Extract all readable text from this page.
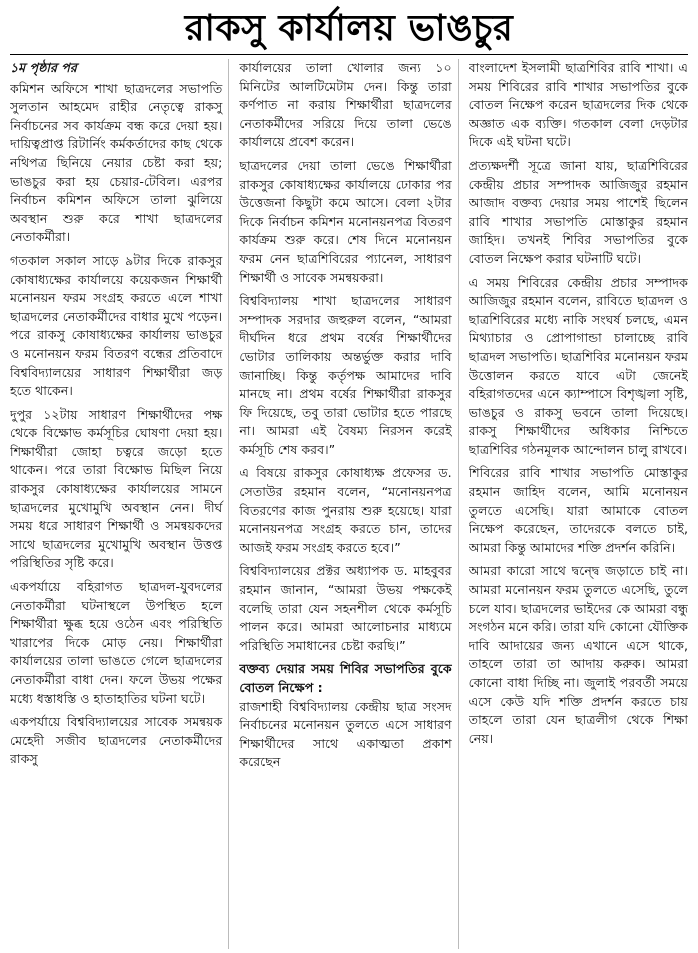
রাকসু কার্যালয় ভাঙচুর

১ম পৃষ্ঠার পর
কমিশন অফিসে শাখা ছাত্রদলের সভাপতি সুলতান আহমেদ রাহীর নেতৃত্বে রাকসু নির্বাচনের সব কার্যক্রম বন্ধ করে দেয়া হয়। দায়িত্বপ্রাপ্ত রিটার্নিং কর্মকর্তাদের কাছ থেকে নথিপত্র ছিনিয়ে নেয়ার চেষ্টা করা হয়; ভাঙচুর করা হয় চেয়ার-টেবিল। এরপর নির্বাচন কমিশন অফিসে তালা ঝুলিয়ে অবস্থান শুরু করে শাখা ছাত্রদলের নেতাকর্মীরা।

গতকাল সকাল সাড়ে ৯টার দিকে রাকসুর কোষাধ্যক্ষের কার্যালয়ে কয়েকজন শিক্ষার্থী মনোনয়ন ফরম সংগ্রহ করতে এলে শাখা ছাত্রদলের নেতাকর্মীদের বাধার মুখে পড়েন। পরে রাকসু কোষাধ্যক্ষের কার্যালয় ভাঙচুর ও মনোনয়ন ফরম বিতরণ বন্ধের প্রতিবাদে বিশ্ববিদ্যালয়ের সাধারণ শিক্ষার্থীরা জড় হতে থাকেন।

দুপুর ১২টায় সাধারণ শিক্ষার্থীদের পক্ষ থেকে বিক্ষোভ কর্মসূচির ঘোষণা দেয়া হয়। শিক্ষার্থীরা জোহা চত্বরে জড়ো হতে থাকেন। পরে তারা বিক্ষোভ মিছিল নিয়ে রাকসুর কোষাধ্যক্ষের কার্যালয়ের সামনে ছাত্রদলের মুখোমুখি অবস্থান নেন। দীর্ঘ সময় ধরে সাধারণ শিক্ষার্থী ও সমন্বয়কদের সাথে ছাত্রদলের মুখোমুখি অবস্থান উত্তপ্ত পরিস্থিতির সৃষ্টি করে।

একপর্যায়ে বহিরাগত ছাত্রদল-যুবদলের নেতাকর্মীরা ঘটনাস্থলে উপস্থিত হলে শিক্ষার্থীরা ক্ষুব্ধ হয়ে ওঠেন এবং পরিস্থিতি খারাপের দিকে মোড় নেয়। শিক্ষার্থীরা কার্যালয়ের তালা ভাঙতে গেলে ছাত্রদলের নেতাকর্মীরা বাধা দেন। ফলে উভয় পক্ষের মধ্যে ধস্তাধস্তি ও হাতাহাতির ঘটনা ঘটে।

একপর্যায়ে বিশ্ববিদ্যালয়ের সাবেক সমন্বয়ক মেহেদী সজীব ছাত্রদলের নেতাকর্মীদের রাকসু

কার্যালয়ের তালা খোলার জন্য ১০ মিনিটের আলটিমেটাম দেন। কিন্তু তারা কর্ণপাত না করায় শিক্ষার্থীরা ছাত্রদলের নেতাকর্মীদের সরিয়ে দিয়ে তালা ভেঙে কার্যালয়ে প্রবেশ করেন।

ছাত্রদলের দেয়া তালা ভেঙে শিক্ষার্থীরা রাকসুর কোষাধ্যক্ষের কার্যালয়ে ঢোকার পর উত্তেজনা কিছুটা কমে আসে। বেলা ২টার দিকে নির্বাচন কমিশন মনোনয়নপত্র বিতরণ কার্যক্রম শুরু করে। শেষ দিনে মনোনয়ন ফরম নেন ছাত্রশিবিরের প্যানেল, সাধারণ শিক্ষার্থী ও সাবেক সমন্বয়করা।

বিশ্ববিদ্যালয় শাখা ছাত্রদলের সাধারণ সম্পাদক সরদার জহুরুল বলেন, “আমরা দীর্ঘদিন ধরে প্রথম বর্ষের শিক্ষার্থীদের ভোটার তালিকায় অন্তর্ভুক্ত করার দাবি জানাচ্ছি। কিন্তু কর্তৃপক্ষ আমাদের দাবি মানছে না। প্রথম বর্ষের শিক্ষার্থীরা রাকসুর ফি দিয়েছে, তবু তারা ভোটার হতে পারছে না। আমরা এই বৈষম্য নিরসন করেই কর্মসূচি শেষ করব।”

এ বিষয়ে রাকসুর কোষাধ্যক্ষ প্রফেসর ড. সেতাউর রহমান বলেন, “মনোনয়নপত্র বিতরণের কাজ পুনরায় শুরু হয়েছে। যারা মনোনয়নপত্র সংগ্রহ করতে চান, তাদের আজই ফরম সংগ্রহ করতে হবে।”

বিশ্ববিদ্যালয়ের প্রক্টর অধ্যাপক ড. মাহবুবর রহমান জানান, “আমরা উভয় পক্ষকেই বলেছি তারা যেন সহনশীল থেকে কর্মসূচি পালন করে। আমরা আলোচনার মাধ্যমে পরিস্থিতি সমাধানের চেষ্টা করছি।”

বক্তব্য দেয়ার সময় শিবির সভাপতির বুকে বোতল নিক্ষেপ :

রাজশাহী বিশ্ববিদ্যালয় কেন্দ্রীয় ছাত্র সংসদ নির্বাচনের মনোনয়ন তুলতে এসে সাধারণ শিক্ষার্থীদের সাথে একাত্মতা প্রকাশ করেছেন

বাংলাদেশ ইসলামী ছাত্রশিবির রাবি শাখা। এ সময় শিবিরের রাবি শাখার সভাপতির বুকে বোতল নিক্ষেপ করেন ছাত্রদলের দিক থেকে অজ্ঞাত এক ব্যক্তি। গতকাল বেলা দেড়টার দিকে এই ঘটনা ঘটে।

প্রত্যক্ষদর্শী সূত্রে জানা যায়, ছাত্রশিবিরের কেন্দ্রীয় প্রচার সম্পাদক আজিজুর রহমান আজাদ বক্তব্য দেয়ার সময় পাশেই ছিলেন রাবি শাখার সভাপতি মোস্তাকুর রহমান জাহিদ। তখনই শিবির সভাপতির বুকে বোতল নিক্ষেপ করার ঘটনাটি ঘটে।

এ সময় শিবিরের কেন্দ্রীয় প্রচার সম্পাদক আজিজুর রহমান বলেন, রাবিতে ছাত্রদল ও ছাত্রশিবিরের মধ্যে নাকি সংঘর্ষ চলছে, এমন মিথ্যাচার ও প্রোপাগান্ডা চালাচ্ছে রাবি ছাত্রদল সভাপতি। ছাত্রশিবির মনোনয়ন ফরম উত্তোলন করতে যাবে এটা জেনেই বহিরাগতদের এনে ক্যাম্পাসে বিশৃঙ্খলা সৃষ্টি, ভাঙচুর ও রাকসু ভবনে তালা দিয়েছে। রাকসু শিক্ষার্থীদের অধিকার নিশ্চিতে ছাত্রশিবির গঠনমূলক আন্দোলন চালু রাখবে।

শিবিরের রাবি শাখার সভাপতি মোস্তাকুর রহমান জাহিদ বলেন, আমি মনোনয়ন তুলতে এসেছি। যারা আমাকে বোতল নিক্ষেপ করেছেন, তাদেরকে বলতে চাই, আমরা কিন্তু আমাদের শক্তি প্রদর্শন করিনি।

আমরা কারো সাথে দ্বন্দ্বে জড়াতে চাই না। আমরা মনোনয়ন ফরম তুলতে এসেছি, তুলে চলে যাব। ছাত্রদলের ভাইদের কে আমরা বন্ধু সংগঠন মনে করি। তারা যদি কোনো যৌক্তিক দাবি আদায়ের জন্য এখানে এসে থাকে, তাহলে তারা তা আদায় করুক। আমরা কোনো বাধা দিচ্ছি না। জুলাই পরবর্তী সময়ে এসে কেউ যদি শক্তি প্রদর্শন করতে চায় তাহলে তারা যেন ছাত্রলীগ থেকে শিক্ষা নেয়।
